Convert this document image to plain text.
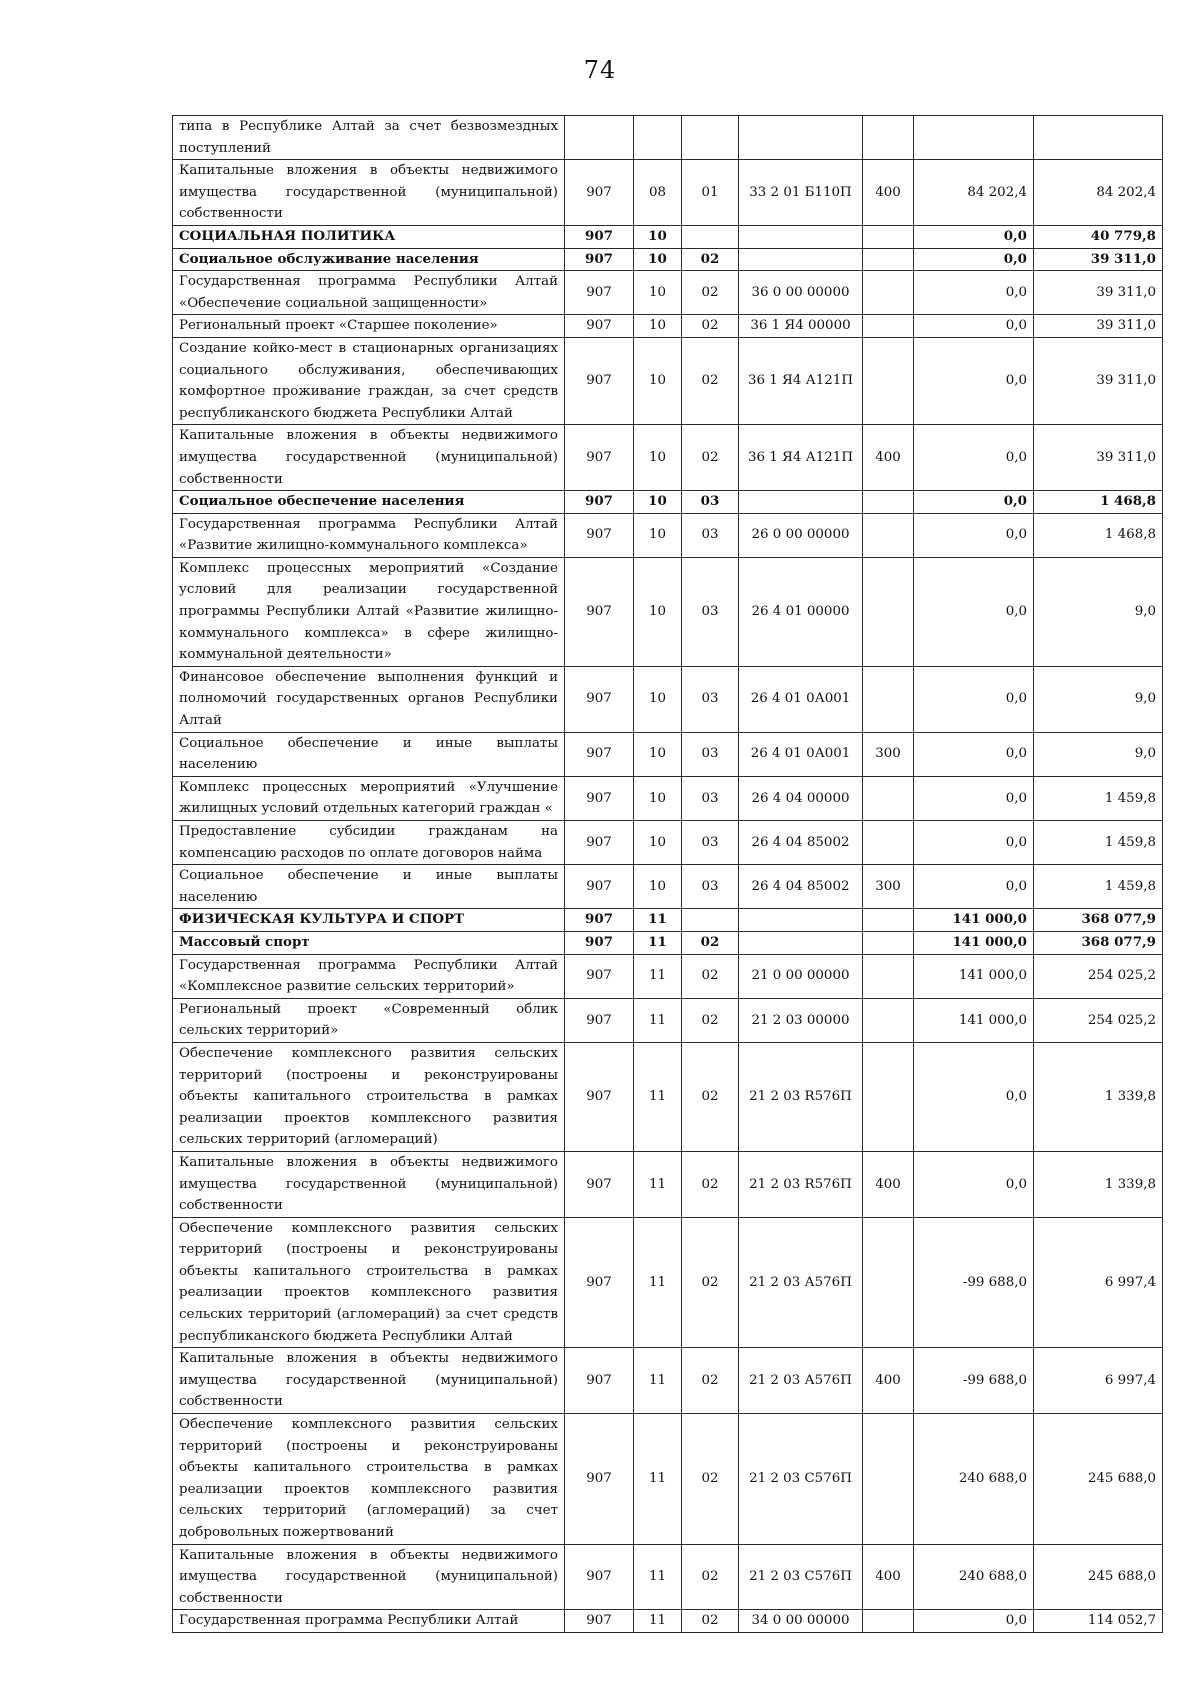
74
типа в Республике Алтай за счет безвозмездных поступлений							
Капитальные вложения в объекты недвижимого имущества государственной (муниципальной) собственности	907	08	01	33 2 01 Б110П	400	84 202,4	84 202,4
СОЦИАЛЬНАЯ ПОЛИТИКА	907	10				0,0	40 779,8
Социальное обслуживание населения	907	10	02			0,0	39 311,0
Государственная программа Республики Алтай «Обеспечение социальной защищенности»	907	10	02	36 0 00 00000		0,0	39 311,0
Региональный проект «Старшее поколение»	907	10	02	36 1 Я4 00000		0,0	39 311,0
Создание койко-мест в стационарных организациях социального обслуживания, обеспечивающих комфортное проживание граждан, за счет средств республиканского бюджета Республики Алтай	907	10	02	36 1 Я4 А121П		0,0	39 311,0
Капитальные вложения в объекты недвижимого имущества государственной (муниципальной) собственности	907	10	02	36 1 Я4 А121П	400	0,0	39 311,0
Социальное обеспечение населения	907	10	03			0,0	1 468,8
Государственная программа Республики Алтай «Развитие жилищно-коммунального комплекса»	907	10	03	26 0 00 00000		0,0	1 468,8
Комплекс процессных мероприятий «Создание условий для реализации государственной программы Республики Алтай «Развитие жилищно-коммунального комплекса» в сфере жилищно-коммунальной деятельности»	907	10	03	26 4 01 00000		0,0	9,0
Финансовое обеспечение выполнения функций и полномочий государственных органов Республики Алтай	907	10	03	26 4 01 0А001		0,0	9,0
Социальное обеспечение и иные выплаты населению	907	10	03	26 4 01 0А001	300	0,0	9,0
Комплекс процессных мероприятий «Улучшение жилищных условий отдельных категорий граждан «	907	10	03	26 4 04 00000		0,0	1 459,8
Предоставление субсидии гражданам на компенсацию расходов по оплате договоров найма	907	10	03	26 4 04 85002		0,0	1 459,8
Социальное обеспечение и иные выплаты населению	907	10	03	26 4 04 85002	300	0,0	1 459,8
ФИЗИЧЕСКАЯ КУЛЬТУРА И СПОРТ	907	11				141 000,0	368 077,9
Массовый спорт	907	11	02			141 000,0	368 077,9
Государственная программа Республики Алтай «Комплексное развитие сельских территорий»	907	11	02	21 0 00 00000		141 000,0	254 025,2
Региональный проект «Современный облик сельских территорий»	907	11	02	21 2 03 00000		141 000,0	254 025,2
Обеспечение комплексного развития сельских территорий (построены и реконструированы объекты капитального строительства в рамках реализации проектов комплексного развития сельских территорий (агломераций)	907	11	02	21 2 03 R576П		0,0	1 339,8
Капитальные вложения в объекты недвижимого имущества государственной (муниципальной) собственности	907	11	02	21 2 03 R576П	400	0,0	1 339,8
Обеспечение комплексного развития сельских территорий (построены и реконструированы объекты капитального строительства в рамках реализации проектов комплексного развития сельских территорий (агломераций) за счет средств республиканского бюджета Республики Алтай	907	11	02	21 2 03 А576П		-99 688,0	6 997,4
Капитальные вложения в объекты недвижимого имущества государственной (муниципальной) собственности	907	11	02	21 2 03 А576П	400	-99 688,0	6 997,4
Обеспечение комплексного развития сельских территорий (построены и реконструированы объекты капитального строительства в рамках реализации проектов комплексного развития сельских территорий (агломераций) за счет добровольных пожертвований	907	11	02	21 2 03 С576П		240 688,0	245 688,0
Капитальные вложения в объекты недвижимого имущества государственной (муниципальной) собственности	907	11	02	21 2 03 С576П	400	240 688,0	245 688,0
Государственная программа Республики Алтай	907	11	02	34 0 00 00000		0,0	114 052,7
